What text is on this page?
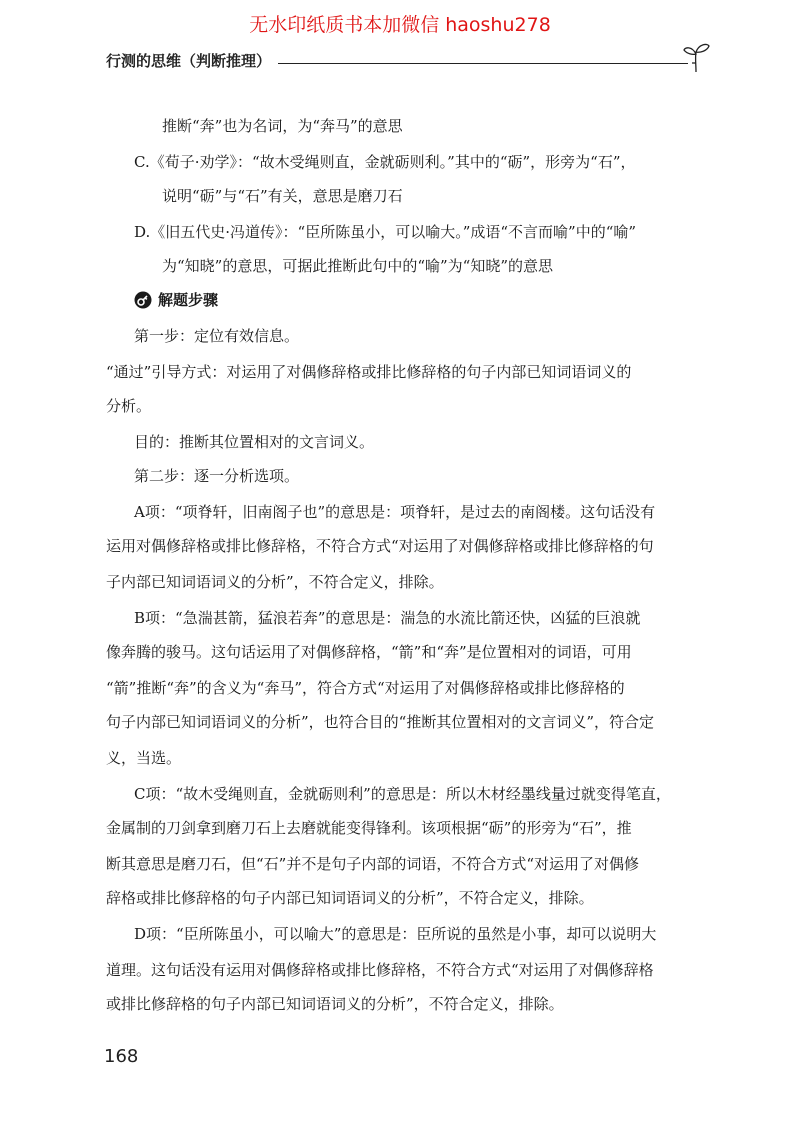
无水印纸质书本加微信 haoshu278
行测的思维（判断推理）
推断“奔”也为名词，为“奔马”的意思
C.《荀子·劝学》：“故木受绳则直，金就砺则利。”其中的“砺”，形旁为“石”，
说明“砺”与“石”有关，意思是磨刀石
D.《旧五代史·冯道传》：“臣所陈虽小，可以喻大。”成语“不言而喻”中的“喻”
为“知晓”的意思，可据此推断此句中的“喻”为“知晓”的意思
解题步骤
第一步：定位有效信息。
“通过”引导方式：对运用了对偶修辞格或排比修辞格的句子内部已知词语词义的
分析。
目的：推断其位置相对的文言词义。
第二步：逐一分析选项。
A项：“项脊轩，旧南阁子也”的意思是：项脊轩，是过去的南阁楼。这句话没有
运用对偶修辞格或排比修辞格，不符合方式“对运用了对偶修辞格或排比修辞格的句
子内部已知词语词义的分析”，不符合定义，排除。
B项：“急湍甚箭，猛浪若奔”的意思是：湍急的水流比箭还快，凶猛的巨浪就
像奔腾的骏马。这句话运用了对偶修辞格，“箭”和“奔”是位置相对的词语，可用
“箭”推断“奔”的含义为“奔马”，符合方式“对运用了对偶修辞格或排比修辞格的
句子内部已知词语词义的分析”，也符合目的“推断其位置相对的文言词义”，符合定
义，当选。
C项：“故木受绳则直，金就砺则利”的意思是：所以木材经墨线量过就变得笔直，
金属制的刀剑拿到磨刀石上去磨就能变得锋利。该项根据“砺”的形旁为“石”，推
断其意思是磨刀石，但“石”并不是句子内部的词语，不符合方式“对运用了对偶修
辞格或排比修辞格的句子内部已知词语词义的分析”，不符合定义，排除。
D项：“臣所陈虽小，可以喻大”的意思是：臣所说的虽然是小事，却可以说明大
道理。这句话没有运用对偶修辞格或排比修辞格，不符合方式“对运用了对偶修辞格
或排比修辞格的句子内部已知词语词义的分析”，不符合定义，排除。
168
